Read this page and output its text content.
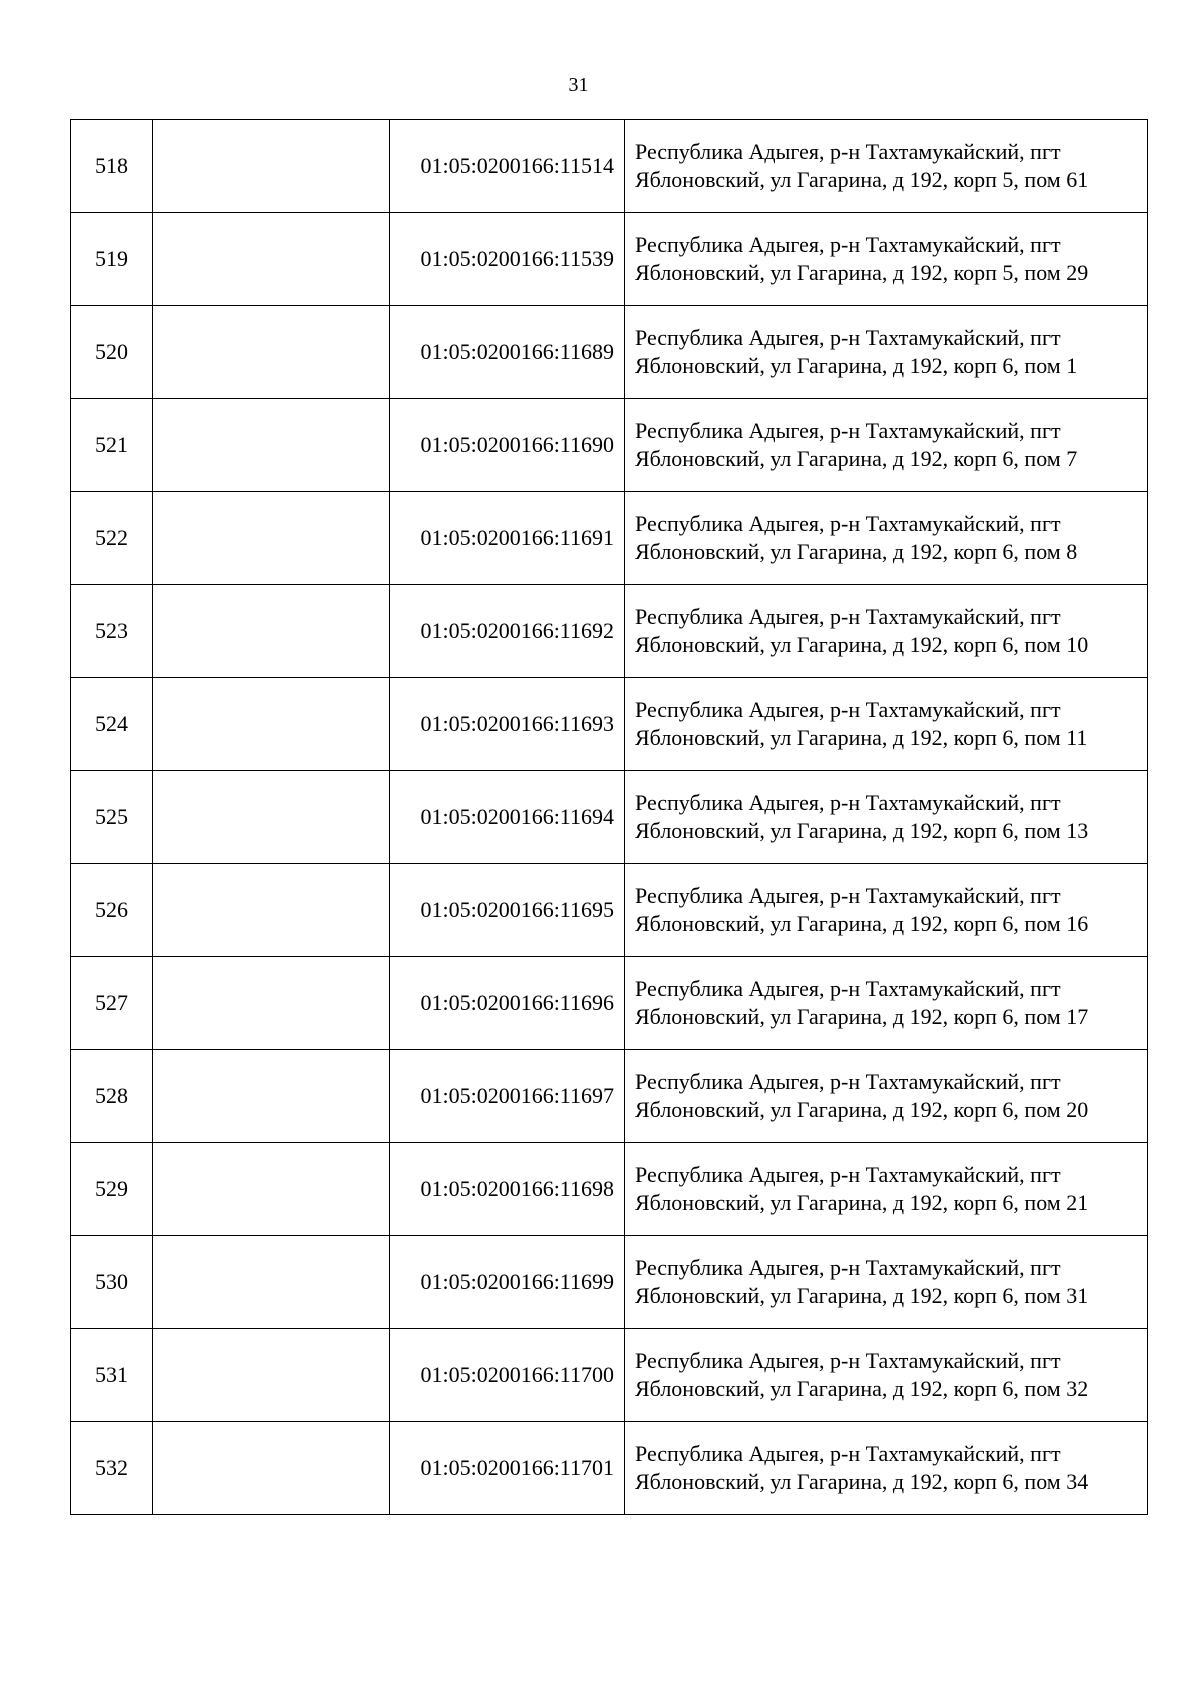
31
518		01:05:0200166:11514	Республика Адыгея, р-н Тахтамукайский, пгт Яблоновский, ул Гагарина, д 192, корп 5, пом 61
519		01:05:0200166:11539	Республика Адыгея, р-н Тахтамукайский, пгт Яблоновский, ул Гагарина, д 192, корп 5, пом 29
520		01:05:0200166:11689	Республика Адыгея, р-н Тахтамукайский, пгт Яблоновский, ул Гагарина, д 192, корп 6, пом 1
521		01:05:0200166:11690	Республика Адыгея, р-н Тахтамукайский, пгт Яблоновский, ул Гагарина, д 192, корп 6, пом 7
522		01:05:0200166:11691	Республика Адыгея, р-н Тахтамукайский, пгт Яблоновский, ул Гагарина, д 192, корп 6, пом 8
523		01:05:0200166:11692	Республика Адыгея, р-н Тахтамукайский, пгт Яблоновский, ул Гагарина, д 192, корп 6, пом 10
524		01:05:0200166:11693	Республика Адыгея, р-н Тахтамукайский, пгт Яблоновский, ул Гагарина, д 192, корп 6, пом 11
525		01:05:0200166:11694	Республика Адыгея, р-н Тахтамукайский, пгт Яблоновский, ул Гагарина, д 192, корп 6, пом 13
526		01:05:0200166:11695	Республика Адыгея, р-н Тахтамукайский, пгт Яблоновский, ул Гагарина, д 192, корп 6, пом 16
527		01:05:0200166:11696	Республика Адыгея, р-н Тахтамукайский, пгт Яблоновский, ул Гагарина, д 192, корп 6, пом 17
528		01:05:0200166:11697	Республика Адыгея, р-н Тахтамукайский, пгт Яблоновский, ул Гагарина, д 192, корп 6, пом 20
529		01:05:0200166:11698	Республика Адыгея, р-н Тахтамукайский, пгт Яблоновский, ул Гагарина, д 192, корп 6, пом 21
530		01:05:0200166:11699	Республика Адыгея, р-н Тахтамукайский, пгт Яблоновский, ул Гагарина, д 192, корп 6, пом 31
531		01:05:0200166:11700	Республика Адыгея, р-н Тахтамукайский, пгт Яблоновский, ул Гагарина, д 192, корп 6, пом 32
532		01:05:0200166:11701	Республика Адыгея, р-н Тахтамукайский, пгт Яблоновский, ул Гагарина, д 192, корп 6, пом 34
